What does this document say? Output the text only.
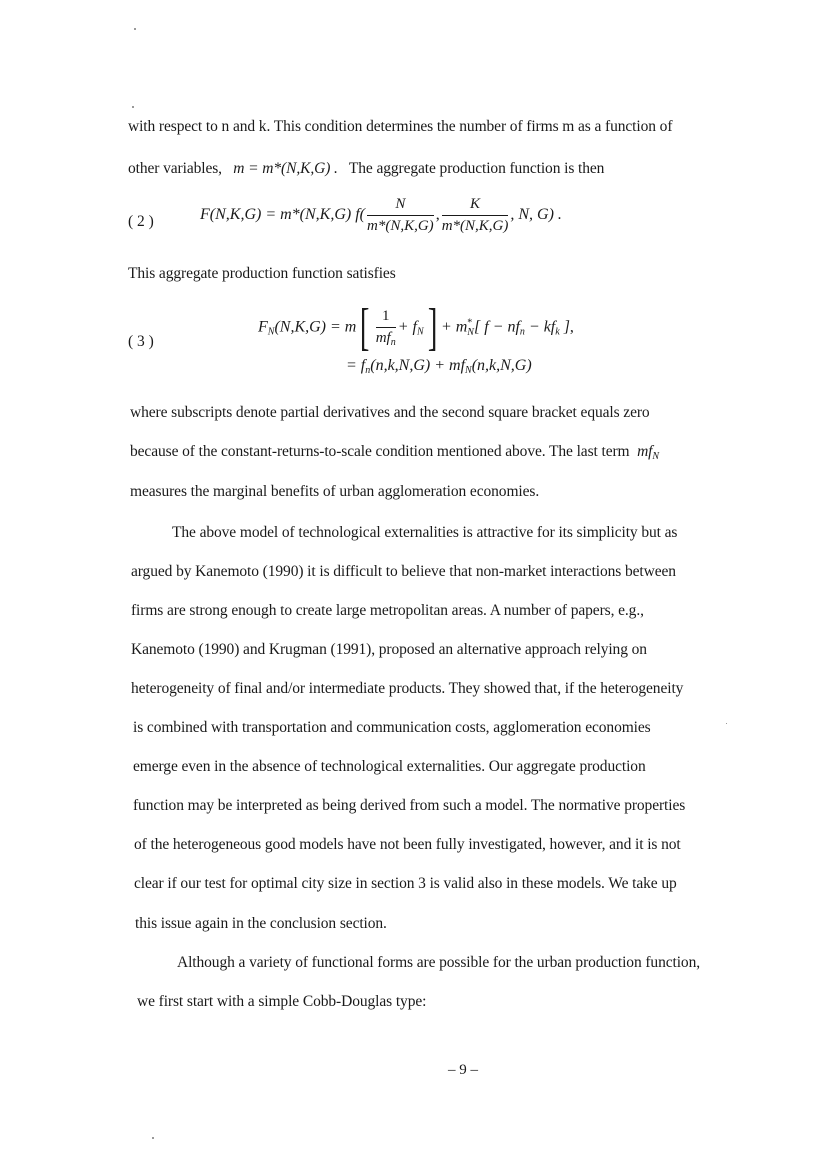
with respect to n and k. This condition determines the number of firms m as a function of
other variables, m = m*(N,K,G) . The aggregate production function is then
( 2 )	F(N,K,G) = m*(N,K,G) $f( \frac{N}{m*(N,K,G)}$ , $\frac{K}{m*(N,K,G)}$ , N, G) .
This aggregate production function satisfies
( 3 )
$F_N(N,K,G) = m[ \frac{1}{mf_n} + f_N] + m^*_N$[ $f - nf_n - kf_k$ ],
= $f_n(n,k,N,G) + mf_N(n,k,N,G)$
where subscripts denote partial derivatives and the second square bracket equals zero
because of the constant-returns-to-scale condition mentioned above. The last term $mf_N$
measures the marginal benefits of urban agglomeration economies.
The above model of technological externalities is attractive for its simplicity but as
argued by Kanemoto (1990) it is difficult to believe that non-market interactions between
firms are strong enough to create large metropolitan areas. A number of papers, e.g.,
Kanemoto (1990) and Krugman (1991), proposed an alternative approach relying on
heterogeneity of final and/or intermediate products. They showed that, if the heterogeneity
is combined with transportation and communication costs, agglomeration economies
emerge even in the absence of technological externalities. Our aggregate production
function may be interpreted as being derived from such a model. The normative properties
of the heterogeneous good models have not been fully investigated, however, and it is not
clear if our test for optimal city size in section 3 is valid also in these models. We take up
this issue again in the conclusion section.
Although a variety of functional forms are possible for the urban production function,
we first start with a simple Cobb-Douglas type:
– 9 –
